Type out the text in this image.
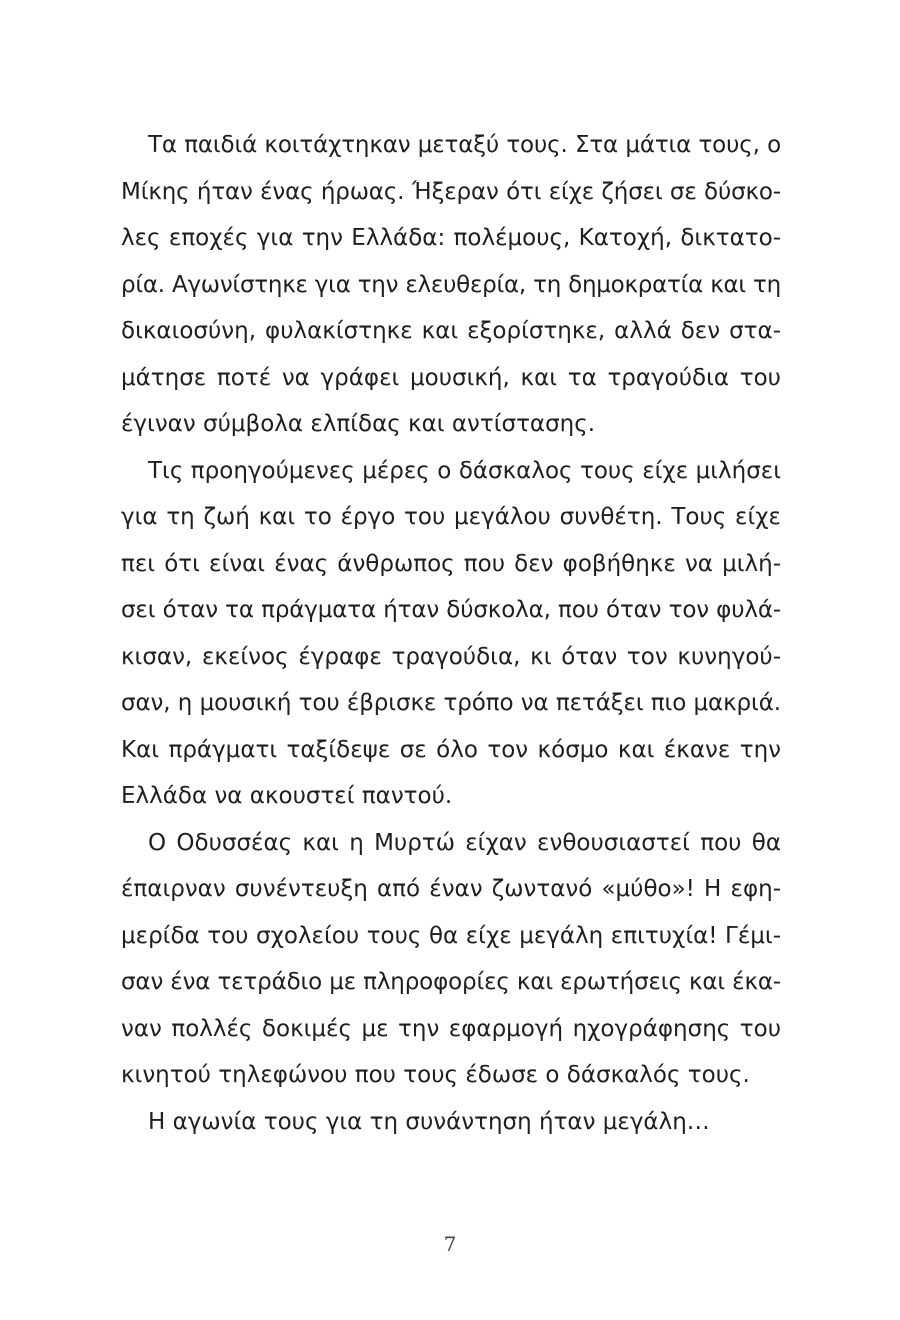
Τα παιδιά κοιτάχτηκαν μεταξύ τους. Στα μάτια τους, ο
Μίκης ήταν ένας ήρωας. Ήξεραν ότι είχε ζήσει σε δύσκο-
λες εποχές για την Ελλάδα: πολέμους, Κατοχή, δικτατο-
ρία. Αγωνίστηκε για την ελευθερία, τη δημοκρατία και τη
δικαιοσύνη, φυλακίστηκε και εξορίστηκε, αλλά δεν στα-
μάτησε ποτέ να γράφει μουσική, και τα τραγούδια του
έγιναν σύμβολα ελπίδας και αντίστασης.
Τις προηγούμενες μέρες ο δάσκαλος τους είχε μιλήσει
για τη ζωή και το έργο του μεγάλου συνθέτη. Τους είχε
πει ότι είναι ένας άνθρωπος που δεν φοβήθηκε να μιλή-
σει όταν τα πράγματα ήταν δύσκολα, που όταν τον φυλά-
κισαν, εκείνος έγραφε τραγούδια, κι όταν τον κυνηγού-
σαν, η μουσική του έβρισκε τρόπο να πετάξει πιο μακριά.
Και πράγματι ταξίδεψε σε όλο τον κόσμο και έκανε την
Ελλάδα να ακουστεί παντού.
Ο Οδυσσέας και η Μυρτώ είχαν ενθουσιαστεί που θα
έπαιρναν συνέντευξη από έναν ζωντανό «μύθο»! Η εφη-
μερίδα του σχολείου τους θα είχε μεγάλη επιτυχία! Γέμι-
σαν ένα τετράδιο με πληροφορίες και ερωτήσεις και έκα-
ναν πολλές δοκιμές με την εφαρμογή ηχογράφησης του
κινητού τηλεφώνου που τους έδωσε ο δάσκαλός τους.
Η αγωνία τους για τη συνάντηση ήταν μεγάλη…
7
